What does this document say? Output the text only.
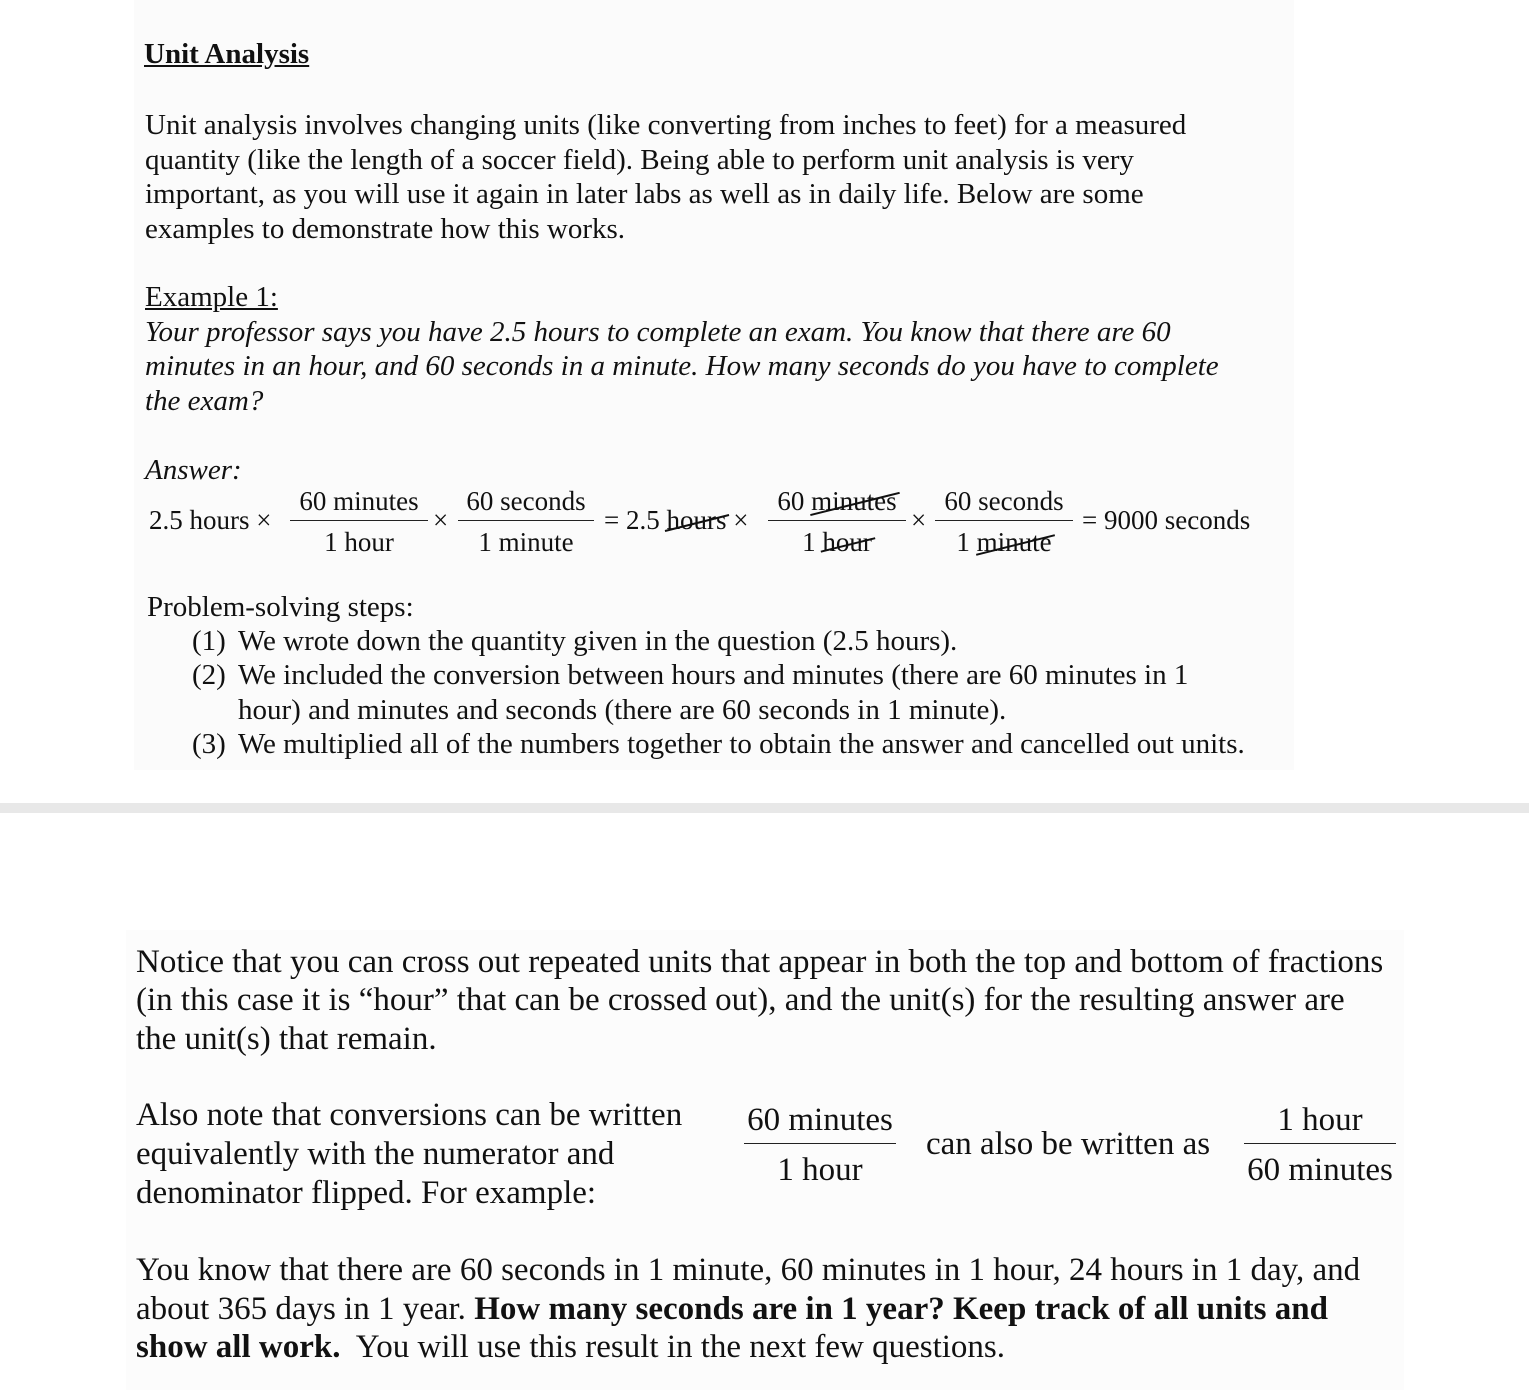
Unit Analysis
Unit analysis involves changing units (like converting from inches to feet) for a measured
quantity (like the length of a soccer field). Being able to perform unit analysis is very
important, as you will use it again in later labs as well as in daily life. Below are some
examples to demonstrate how this works.
Example 1:
Your professor says you have 2.5 hours to complete an exam. You know that there are 60
minutes in an hour, and 60 seconds in a minute. How many seconds do you have to complete
the exam?
Answer:
2.5 hours ×
60 minutes
1 hour
×
60 seconds
1 minute
= 2.5 hours ×
60 minutes
1 hour
×
60 seconds
1 minute
= 9000 seconds
Problem-solving steps:
(1) We wrote down the quantity given in the question (2.5 hours).
(2) We included the conversion between hours and minutes (there are 60 minutes in 1
hour) and minutes and seconds (there are 60 seconds in 1 minute).
(3) We multiplied all of the numbers together to obtain the answer and cancelled out units.
Notice that you can cross out repeated units that appear in both the top and bottom of fractions
(in this case it is “hour” that can be crossed out), and the unit(s) for the resulting answer are
the unit(s) that remain.
Also note that conversions can be written
equivalently with the numerator and
denominator flipped. For example:
60 minutes
1 hour
can also be written as
1 hour
60 minutes
You know that there are 60 seconds in 1 minute, 60 minutes in 1 hour, 24 hours in 1 day, and
about 365 days in 1 year. How many seconds are in 1 year? Keep track of all units and
show all work.  You will use this result in the next few questions.
